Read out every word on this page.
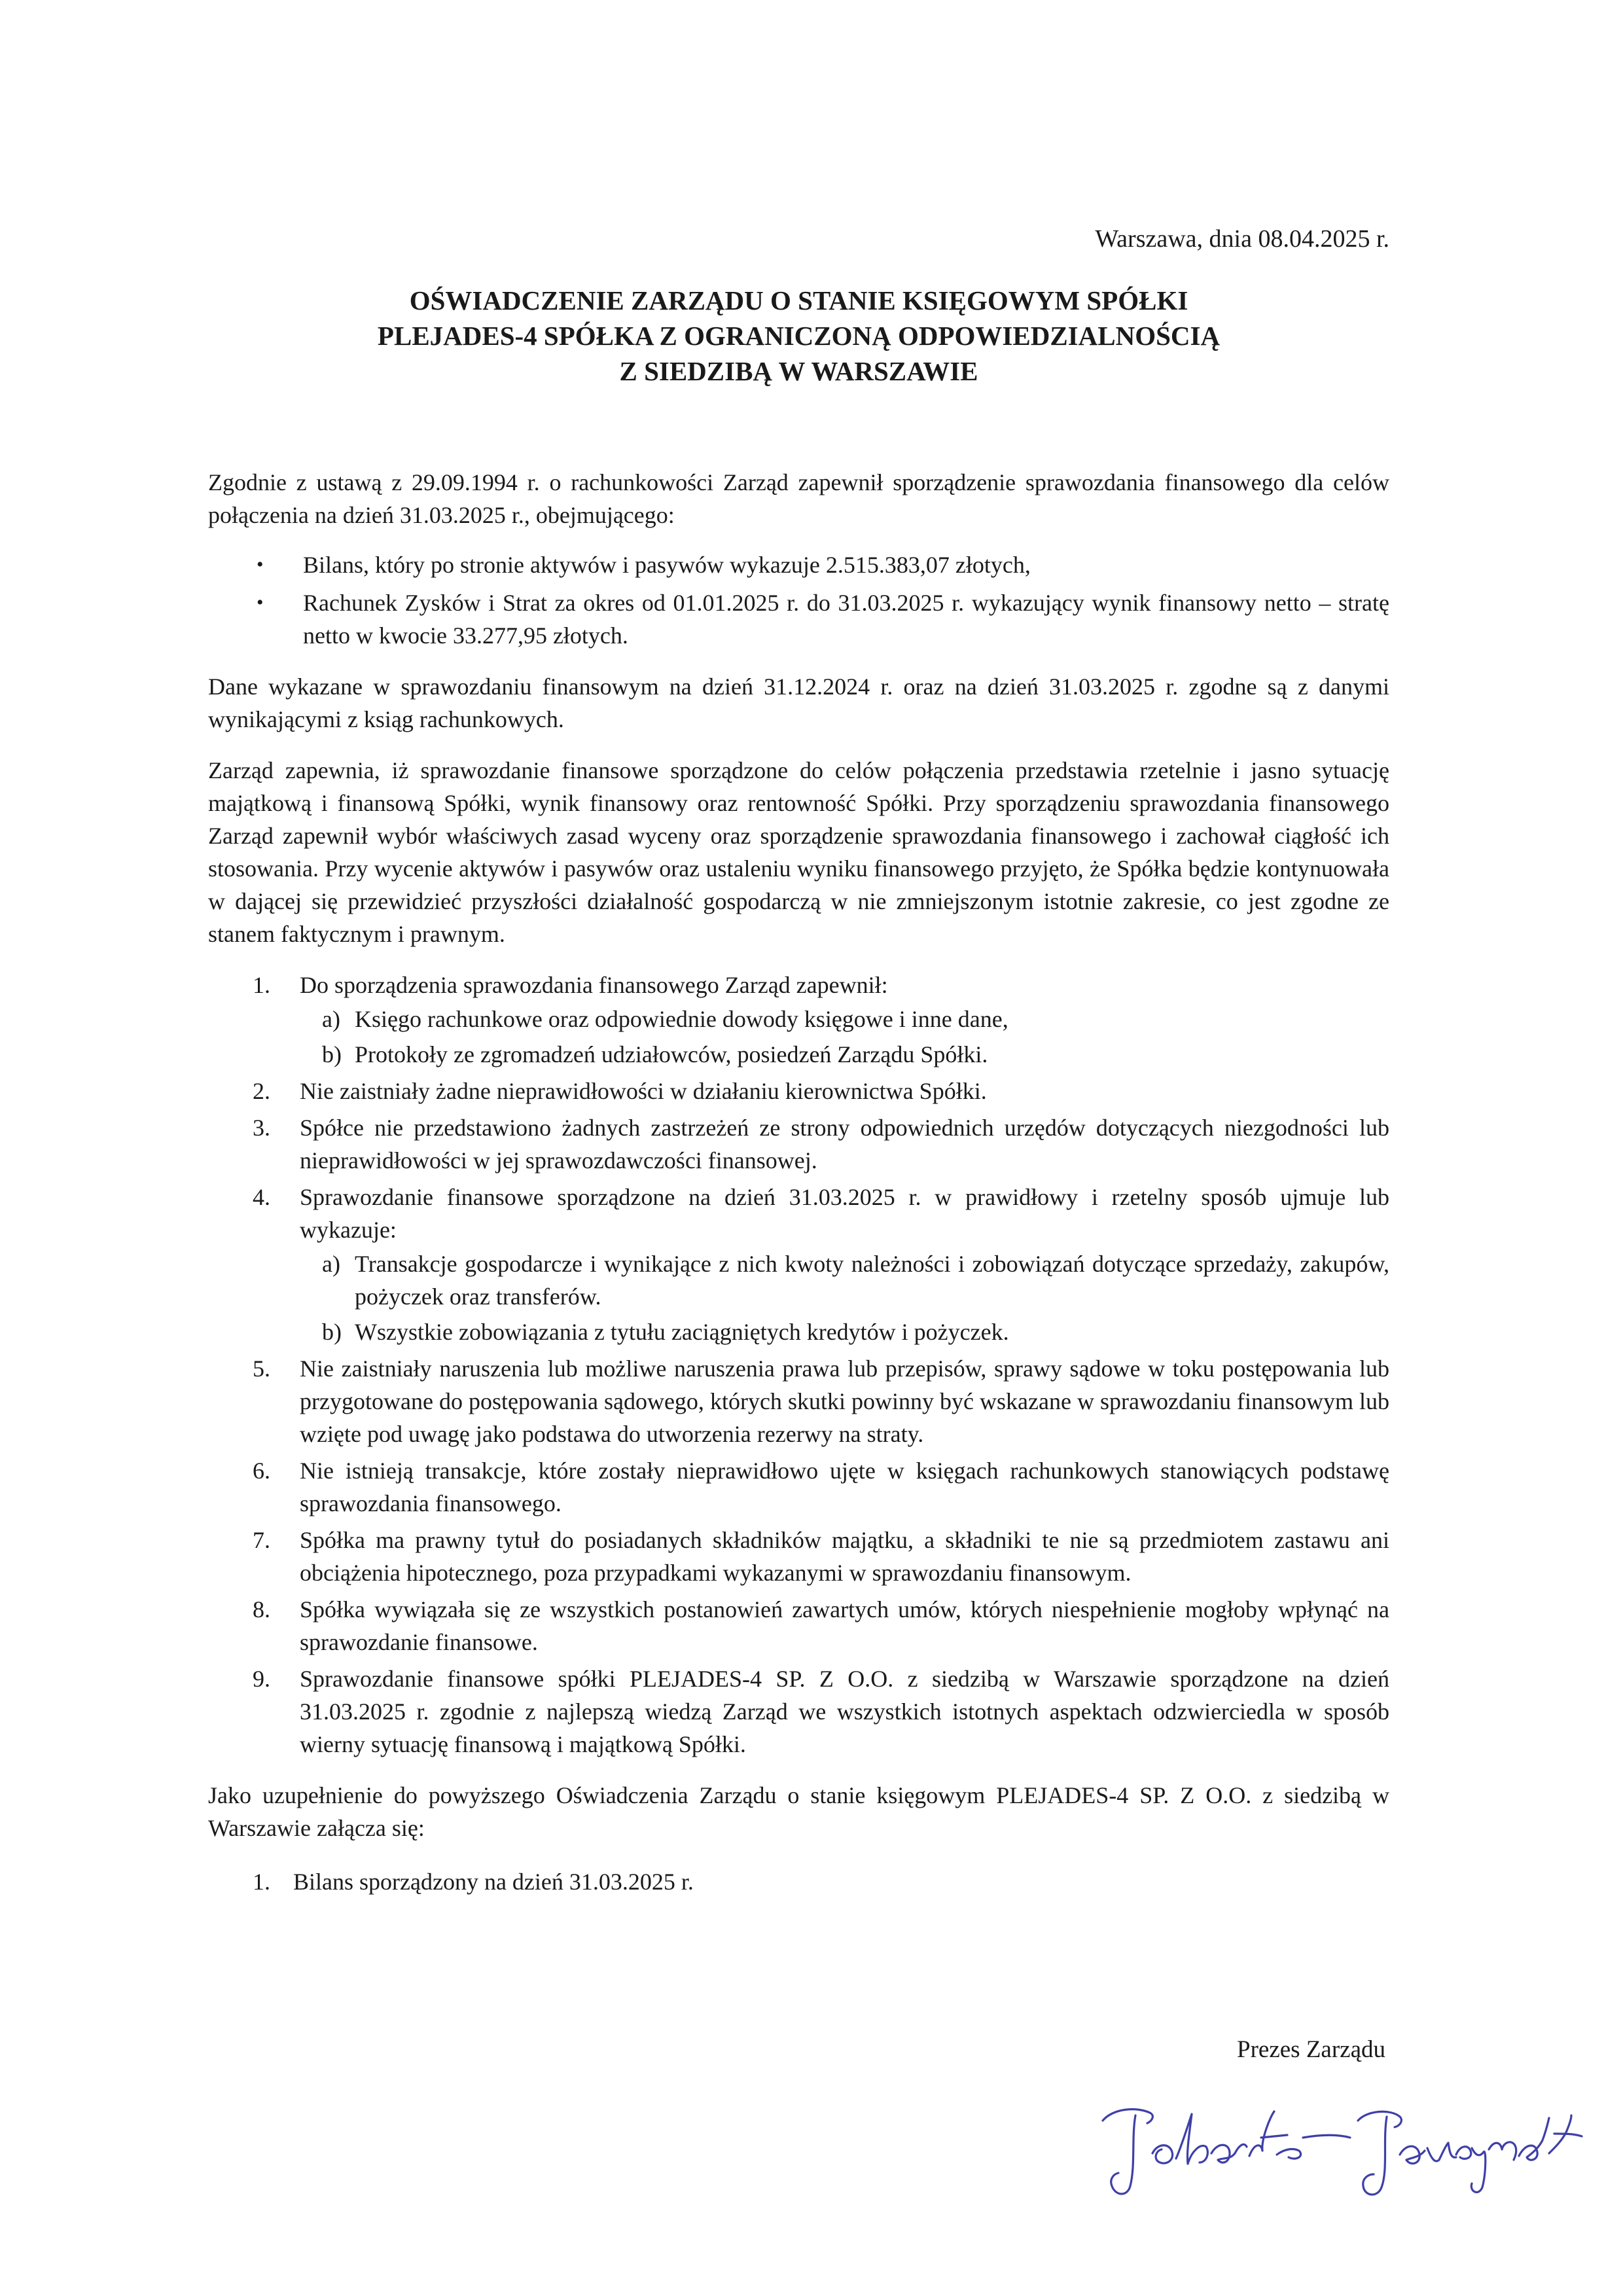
Warszawa, dnia 08.04.2025 r.
OŚWIADCZENIE ZARZĄDU O STANIE KSIĘGOWYM SPÓŁKI
PLEJADES-4 SPÓŁKA Z OGRANICZONĄ ODPOWIEDZIALNOŚCIĄ
Z SIEDZIBĄ W WARSZAWIE

Zgodnie z ustawą z 29.09.1994 r. o rachunkowości Zarząd zapewnił sporządzenie sprawozdania finansowego dla celów połączenia na dzień 31.03.2025 r., obejmującego:

• Bilans, który po stronie aktywów i pasywów wykazuje 2.515.383,07 złotych,
• Rachunek Zysków i Strat za okres od 01.01.2025 r. do 31.03.2025 r. wykazujący wynik finansowy netto – stratę netto w kwocie 33.277,95 złotych.

Dane wykazane w sprawozdaniu finansowym na dzień 31.12.2024 r. oraz na dzień 31.03.2025 r. zgodne są z danymi wynikającymi z ksiąg rachunkowych.

Zarząd zapewnia, iż sprawozdanie finansowe sporządzone do celów połączenia przedstawia rzetelnie i jasno sytuację majątkową i finansową Spółki, wynik finansowy oraz rentowność Spółki. Przy sporządzeniu sprawozdania finansowego Zarząd zapewnił wybór właściwych zasad wyceny oraz sporządzenie sprawozdania finansowego i zachował ciągłość ich stosowania. Przy wycenie aktywów i pasywów oraz ustaleniu wyniku finansowego przyjęto, że Spółka będzie kontynuowała w dającej się przewidzieć przyszłości działalność gospodarczą w nie zmniejszonym istotnie zakresie, co jest zgodne ze stanem faktycznym i prawnym.

1.	Do sporządzenia sprawozdania finansowego Zarząd zapewnił:
a) Księgo rachunkowe oraz odpowiednie dowody księgowe i inne dane,
b) Protokoły ze zgromadzeń udziałowców, posiedzeń Zarządu Spółki.
2.	Nie zaistniały żadne nieprawidłowości w działaniu kierownictwa Spółki.
3.	Spółce nie przedstawiono żadnych zastrzeżeń ze strony odpowiednich urzędów dotyczących niezgodności lub nieprawidłowości w jej sprawozdawczości finansowej.
4.	Sprawozdanie finansowe sporządzone na dzień 31.03.2025 r. w prawidłowy i rzetelny sposób ujmuje lub wykazuje:
a) Transakcje gospodarcze i wynikające z nich kwoty należności i zobowiązań dotyczące sprzedaży, zakupów, pożyczek oraz transferów.
b) Wszystkie zobowiązania z tytułu zaciągniętych kredytów i pożyczek.
5.	Nie zaistniały naruszenia lub możliwe naruszenia prawa lub przepisów, sprawy sądowe w toku postępowania lub przygotowane do postępowania sądowego, których skutki powinny być wskazane w sprawozdaniu finansowym lub wzięte pod uwagę jako podstawa do utworzenia rezerwy na straty.
6.	Nie istnieją transakcje, które zostały nieprawidłowo ujęte w księgach rachunkowych stanowiących podstawę sprawozdania finansowego.
7.	Spółka ma prawny tytuł do posiadanych składników majątku, a składniki te nie są przedmiotem zastawu ani obciążenia hipotecznego, poza przypadkami wykazanymi w sprawozdaniu finansowym.
8.	Spółka wywiązała się ze wszystkich postanowień zawartych umów, których niespełnienie mogłoby wpłynąć na sprawozdanie finansowe.
9.	Sprawozdanie finansowe spółki PLEJADES-4 SP. Z O.O. z siedzibą w Warszawie sporządzone na dzień 31.03.2025 r. zgodnie z najlepszą wiedzą Zarząd we wszystkich istotnych aspektach odzwierciedla w sposób wierny sytuację finansową i majątkową Spółki.

Jako uzupełnienie do powyższego Oświadczenia Zarządu o stanie księgowym PLEJADES-4 SP. Z O.O. z siedzibą w Warszawie załącza się:

1. Bilans sporządzony na dzień 31.03.2025 r.
Prezes Zarządu
